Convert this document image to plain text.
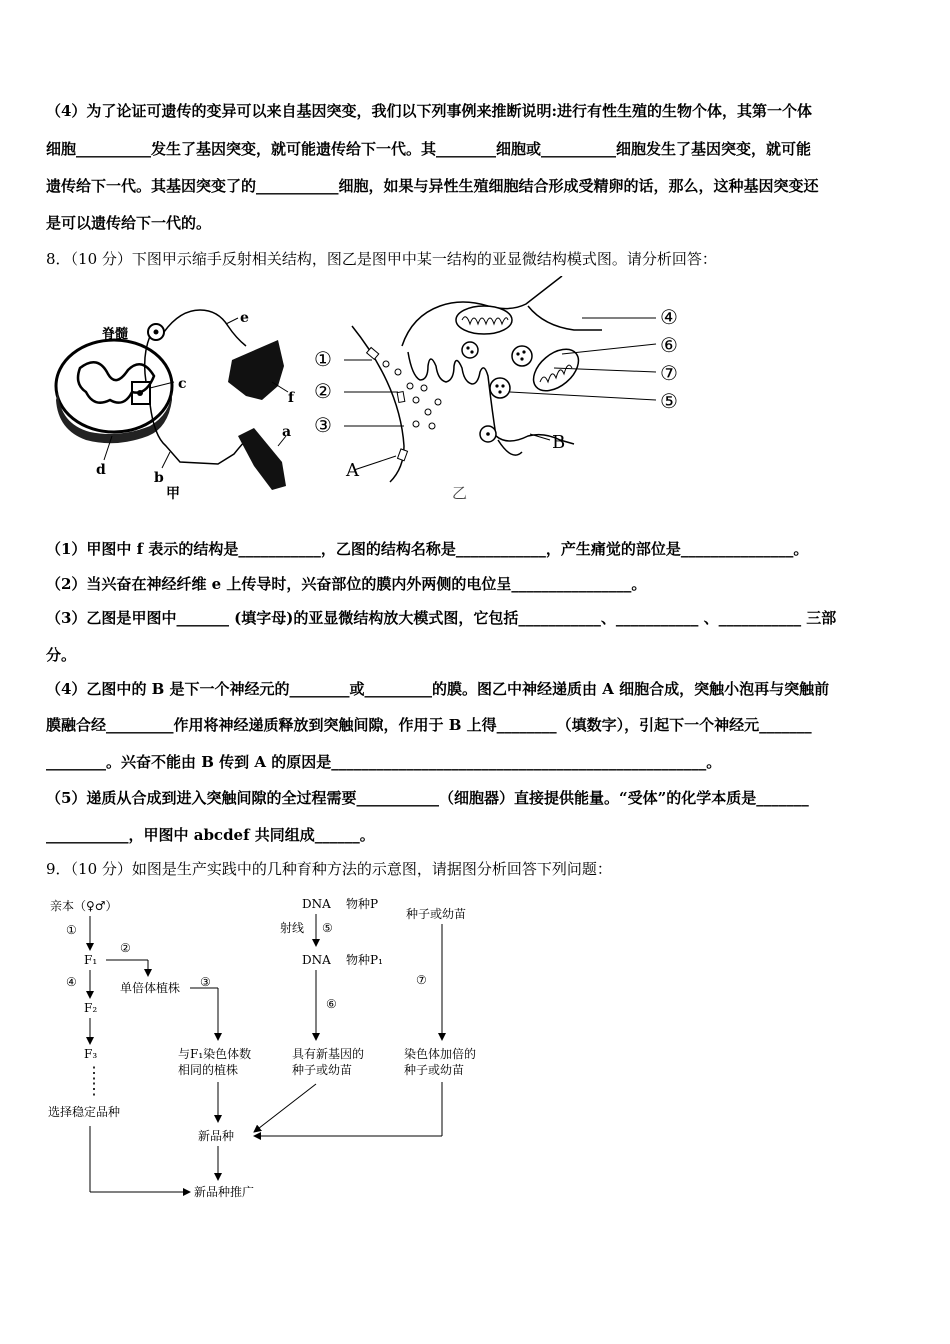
（4）为了论证可遗传的变异可以来自基因突变，我们以下列事例来推断说明:进行有性生殖的生物个体，其第一个体
细胞__________发生了基因突变，就可能遗传给下一代。其________细胞或__________细胞发生了基因突变，就可能
遗传给下一代。其基因突变了的___________细胞，如果与异性生殖细胞结合形成受精卵的话，那么，这种基因突变还
是可以遗传给下一代的。
8．（10 分）下图甲示缩手反射相关结构，图乙是图甲中某一结构的亚显微结构模式图。请分析回答：
脊髓
e
f
a
c
d	b
甲
①
②
③
A
④
⑥
⑦
⑤
B
乙
（1）甲图中 f 表示的结构是___________，乙图的结构名称是____________，产生痛觉的部位是_______________。
（2）当兴奋在神经纤维 e 上传导时，兴奋部位的膜内外两侧的电位呈________________。
（3）乙图是甲图中_______ (填字母)的亚显微结构放大模式图，它包括___________、___________ 、___________ 三部
分。
（4）乙图中的 B 是下一个神经元的________或_________的膜。图乙中神经递质由 A 细胞合成，突触小泡再与突触前
膜融合经_________作用将神经递质释放到突触间隙，作用于 B 上得________（填数字），引起下一个神经元_______
________。兴奋不能由 B 传到 A 的原因是__________________________________________________。
（5）递质从合成到进入突触间隙的全过程需要___________（细胞器）直接提供能量。“受体”的化学本质是_______
___________，甲图中 abcdef 共同组成______。
9．（10 分）如图是生产实践中的几种育种方法的示意图，请据图分析回答下列问题：
亲本（♀♂）
①
F₁
④
F₂
F₃
⋮
⋮
选择稳定品种
新品种推广
②
单倍体植株 ③
与F₁染色体数
相同的植株
新品种
DNA 物种P
射线 ⑤
DNA 物种P₁
⑥
具有新基因的
种子或幼苗
种子或幼苗
⑦
染色体加倍的
种子或幼苗
